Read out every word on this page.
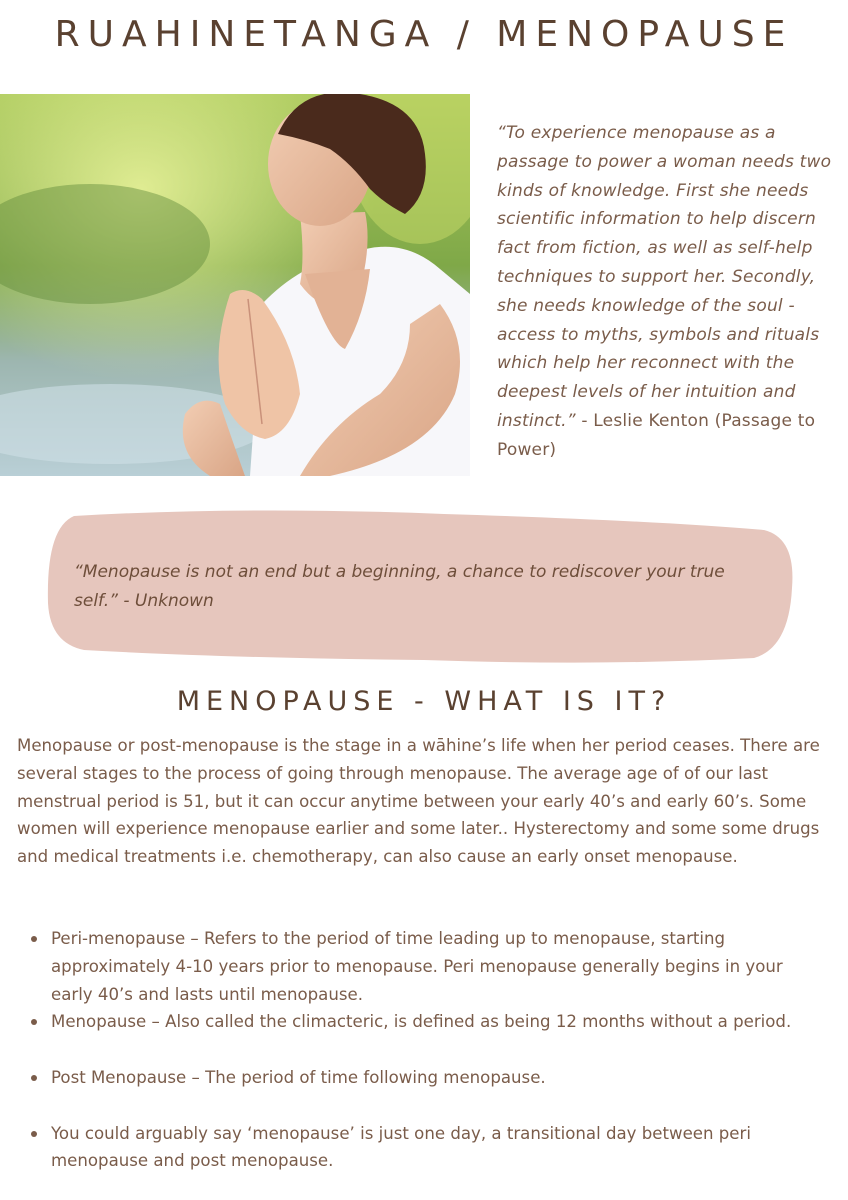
RUAHINETANGA / MENOPAUSE

“To experience menopause as a passage to power a woman needs two kinds of knowledge. First she needs scientific information to help discern fact from fiction, as well as self-help techniques to support her. Secondly, she needs knowledge of the soul - access to myths, symbols and rituals which help her reconnect with the deepest levels of her intuition and instinct.” - Leslie Kenton (Passage to Power)

“Menopause is not an end but a beginning, a chance to rediscover your true self.” - Unknown

MENOPAUSE - WHAT IS IT?

Menopause or post-menopause is the stage in a wāhine’s life when her period ceases. There are several stages to the process of going through menopause. The average age of of our last menstrual period is 51, but it can occur anytime between your early 40’s and early 60’s. Some women will experience menopause earlier and some later.. Hysterectomy and some some drugs and medical treatments i.e. chemotherapy, can also cause an early onset menopause.

Peri-menopause – Refers to the period of time leading up to menopause, starting approximately 4-10 years prior to menopause. Peri menopause generally begins in your early 40’s and lasts until menopause.
Menopause – Also called the climacteric, is defined as being 12 months without a period.
Post Menopause – The period of time following menopause.
You could arguably say ‘menopause’ is just one day, a transitional day between peri menopause and post menopause.
